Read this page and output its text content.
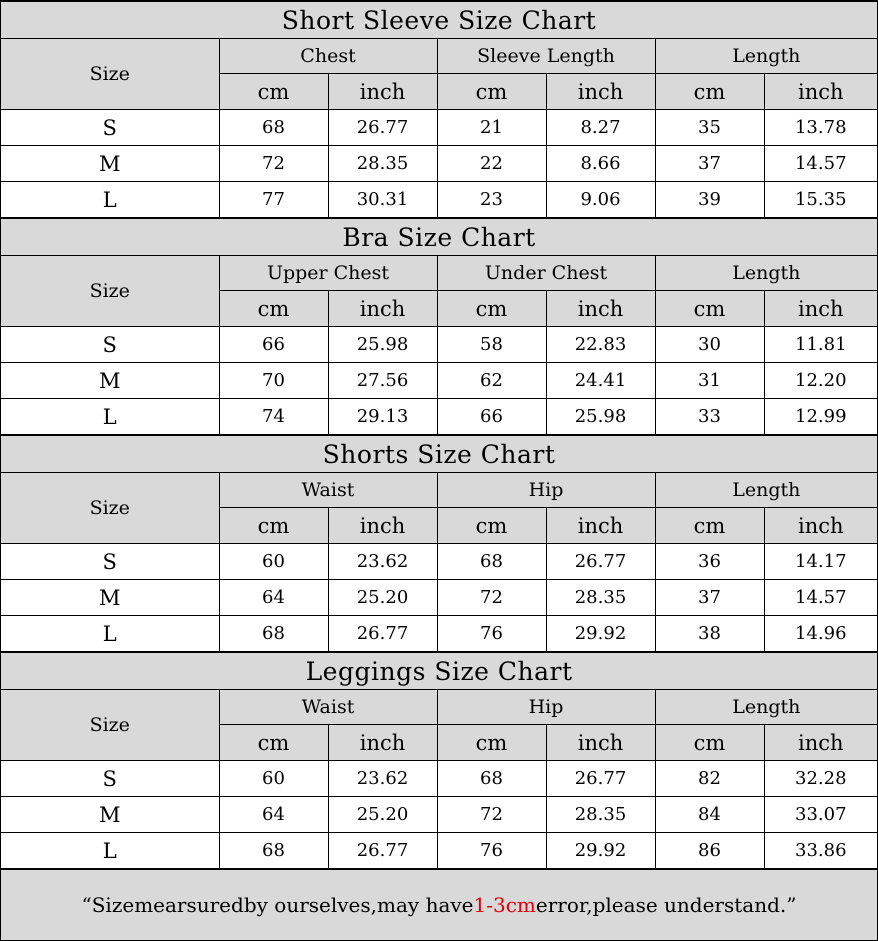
Short Sleeve Size Chart						
Size	Chest		Sleeve Length		Length	
	cm	inch	cm	inch	cm	inch
S	68	26.77	21	8.27	35	13.78
M	72	28.35	22	8.66	37	14.57
L	77	30.31	23	9.06	39	15.35
Bra Size Chart						
Size	Upper Chest		Under Chest		Length	
	cm	inch	cm	inch	cm	inch
S	66	25.98	58	22.83	30	11.81
M	70	27.56	62	24.41	31	12.20
L	74	29.13	66	25.98	33	12.99
Shorts Size Chart						
Size	Waist		Hip		Length	
	cm	inch	cm	inch	cm	inch
S	60	23.62	68	26.77	36	14.17
M	64	25.20	72	28.35	37	14.57
L	68	26.77	76	29.92	38	14.96
Leggings Size Chart						
Size	Waist		Hip		Length	
	cm	inch	cm	inch	cm	inch
S	60	23.62	68	26.77	82	32.28
M	64	25.20	72	28.35	84	33.07
L	68	26.77	76	29.92	86	33.86
“Sizemearsuredby ourselves,may have 1-3cm error,please understand.”
